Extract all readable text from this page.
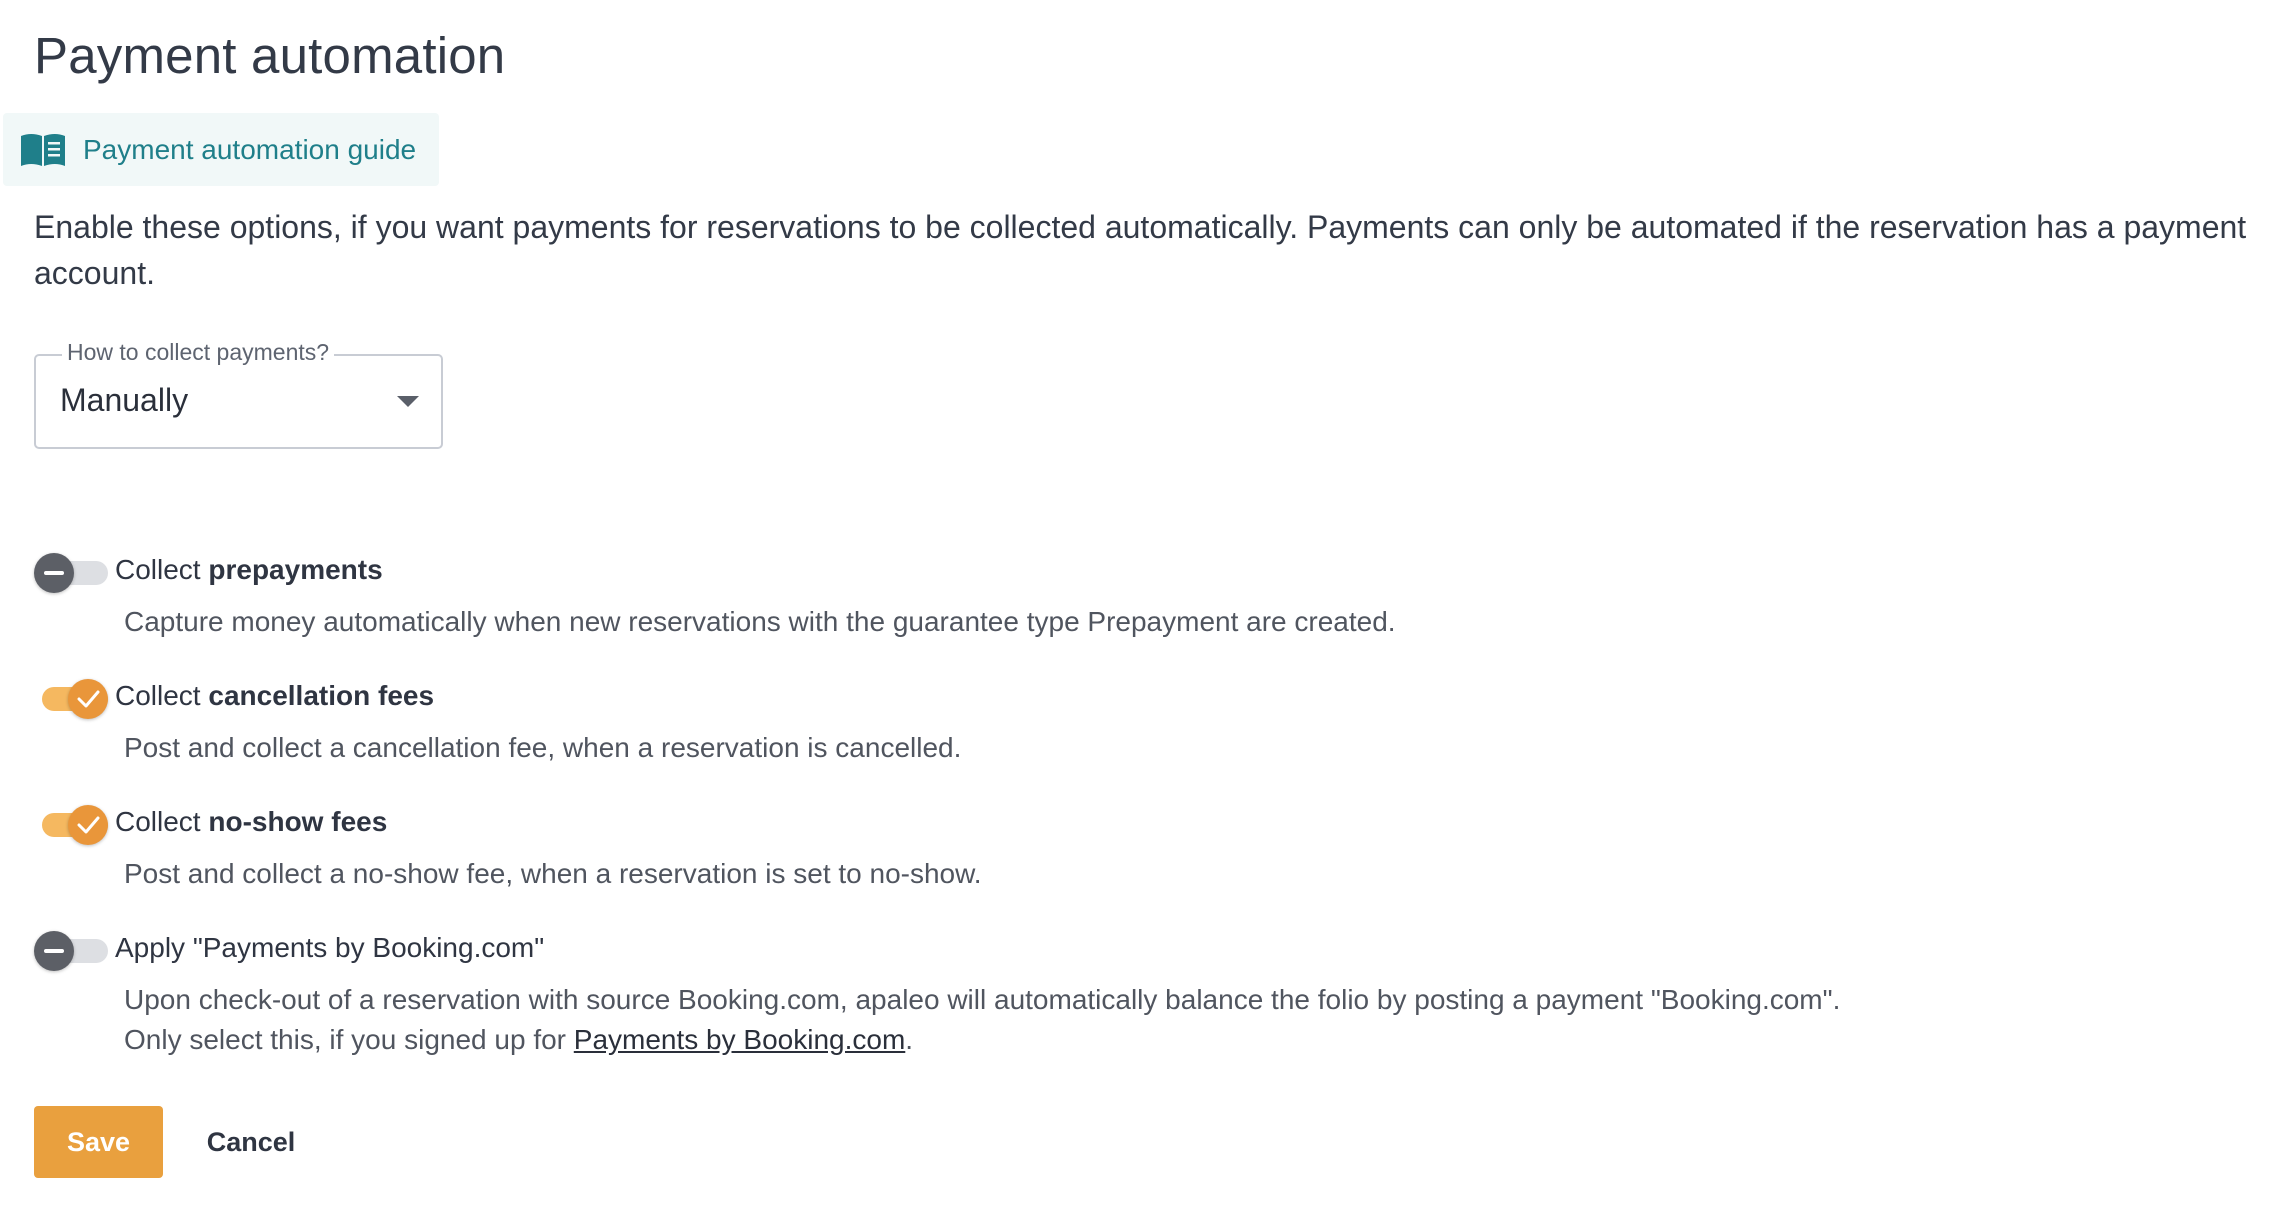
Payment automation
Payment automation guide

Enable these options, if you want payments for reservations to be collected automatically. Payments can only be automated if the reservation has a payment account.

How to collect payments?
Manually
Collect prepayments
Capture money automatically when new reservations with the guarantee type Prepayment are created.
Collect cancellation fees
Post and collect a cancellation fee, when a reservation is cancelled.
Collect no-show fees
Post and collect a no-show fee, when a reservation is set to no-show.
Apply "Payments by Booking.com"
Upon check-out of a reservation with source Booking.com, apaleo will automatically balance the folio by posting a payment "Booking.com".
Only select this, if you signed up for Payments by Booking.com.
Save	Cancel
